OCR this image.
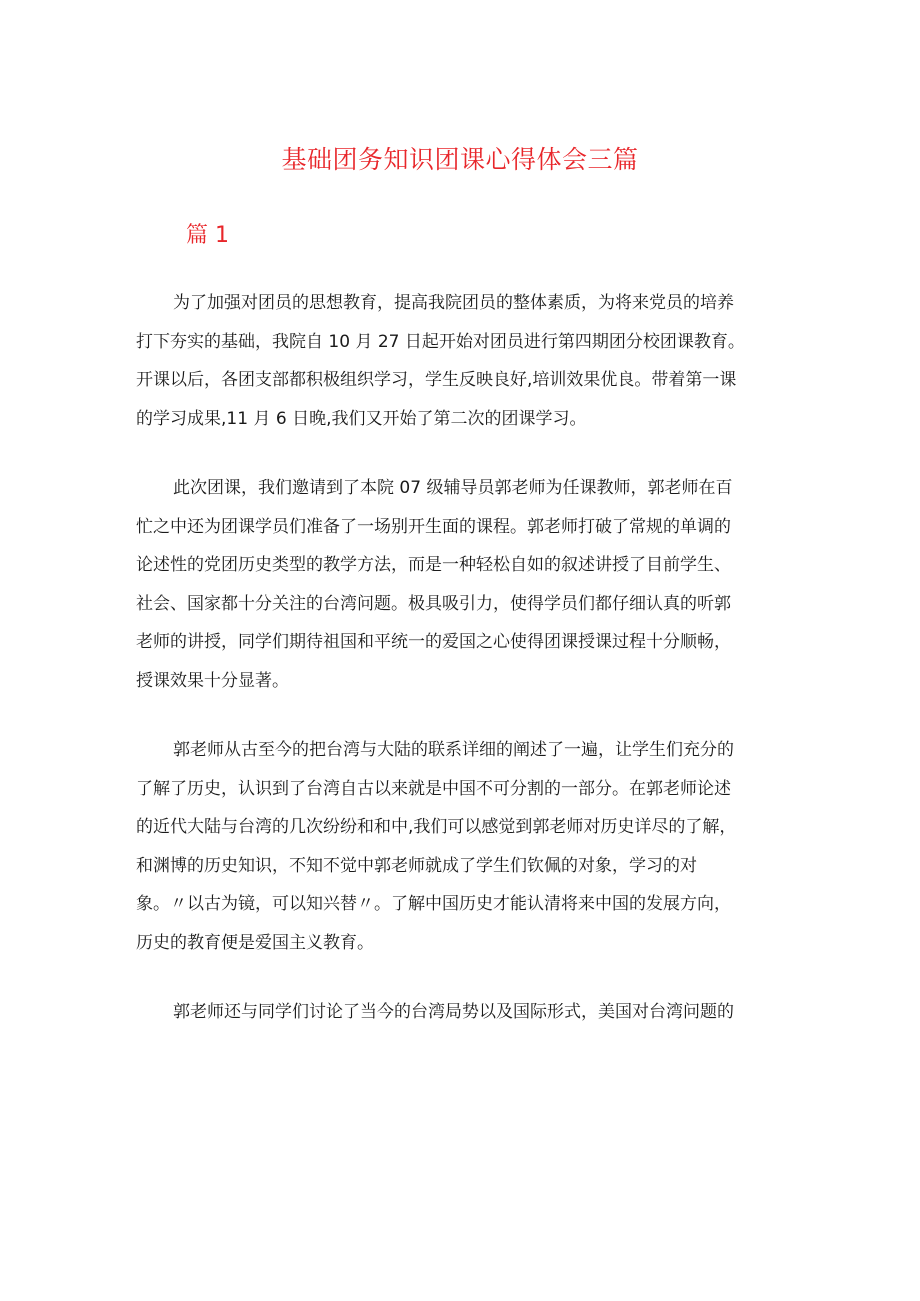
基础团务知识团课心得体会三篇
篇 1

为了加强对团员的思想教育，提高我院团员的整体素质，为将来党员的培养
打下夯实的基础，我院自 10 月 27 日起开始对团员进行第四期团分校团课教育。
开课以后，各团支部都积极组织学习，学生反映良好,培训效果优良。带着第一课
的学习成果,11 月 6 日晚,我们又开始了第二次的团课学习。

此次团课，我们邀请到了本院 07 级辅导员郭老师为任课教师，郭老师在百
忙之中还为团课学员们准备了一场别开生面的课程。郭老师打破了常规的单调的
论述性的党团历史类型的教学方法，而是一种轻松自如的叙述讲授了目前学生、
社会、国家都十分关注的台湾问题。极具吸引力，使得学员们都仔细认真的听郭
老师的讲授，同学们期待祖国和平统一的爱国之心使得团课授课过程十分顺畅，
授课效果十分显著。

郭老师从古至今的把台湾与大陆的联系详细的阐述了一遍，让学生们充分的
了解了历史，认识到了台湾自古以来就是中国不可分割的一部分。在郭老师论述
的近代大陆与台湾的几次纷纷和和中,我们可以感觉到郭老师对历史详尽的了解，
和渊博的历史知识，不知不觉中郭老师就成了学生们钦佩的对象，学习的对
象。〃以古为镜，可以知兴替〃。了解中国历史才能认清将来中国的发展方向，
历史的教育便是爱国主义教育。

郭老师还与同学们讨论了当今的台湾局势以及国际形式，美国对台湾问题的
